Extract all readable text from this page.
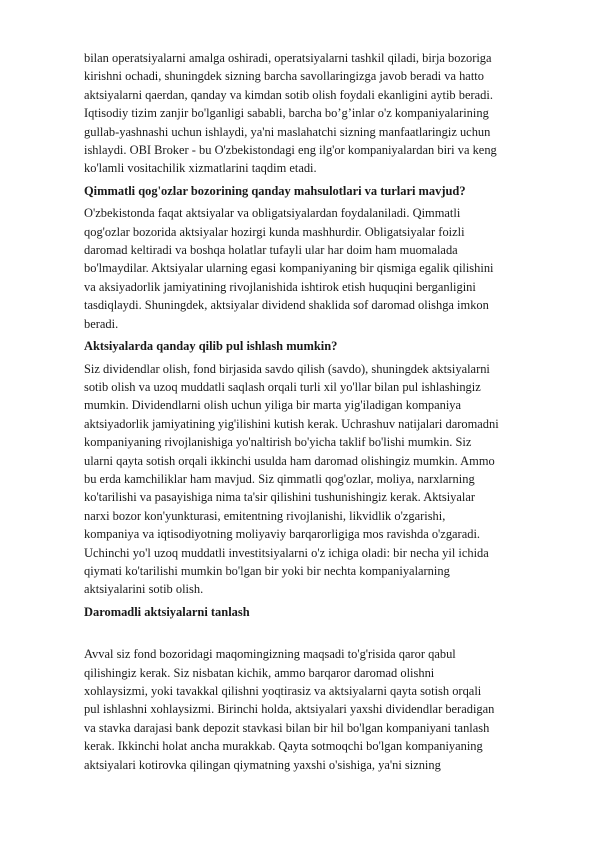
bilan operatsiyalarni amalga oshiradi, operatsiyalarni tashkil qiladi, birja bozoriga
kirishni ochadi, shuningdek sizning barcha savollaringizga javob beradi va hatto
aktsiyalarni qaerdan, qanday va kimdan sotib olish foydali ekanligini aytib beradi.
Iqtisodiy tizim zanjir bo'lganligi sababli, barcha bo’g’inlar o'z kompaniyalarining
gullab-yashnashi uchun ishlaydi, ya'ni maslahatchi sizning manfaatlaringiz uchun
ishlaydi. OBI Broker - bu O'zbekistondagi eng ilg'or kompaniyalardan biri va keng
ko'lamli vositachilik xizmatlarini taqdim etadi.

Qimmatli qog'ozlar bozorining qanday mahsulotlari va turlari mavjud?

O'zbekistonda faqat aktsiyalar va obligatsiyalardan foydalaniladi. Qimmatli
qog'ozlar bozorida aktsiyalar hozirgi kunda mashhurdir. Obligatsiyalar foizli
daromad keltiradi va boshqa holatlar tufayli ular har doim ham muomalada
bo'lmaydilar. Aktsiyalar ularning egasi kompaniyaning bir qismiga egalik qilishini
va aksiyadorlik jamiyatining rivojlanishida ishtirok etish huquqini berganligini
tasdiqlaydi. Shuningdek, aktsiyalar dividend shaklida sof daromad olishga imkon
beradi.

Aktsiyalarda qanday qilib pul ishlash mumkin?

Siz dividendlar olish, fond birjasida savdo qilish (savdo), shuningdek aktsiyalarni
sotib olish va uzoq muddatli saqlash orqali turli xil yo'llar bilan pul ishlashingiz
mumkin. Dividendlarni olish uchun yiliga bir marta yig'iladigan kompaniya
aktsiyadorlik jamiyatining yig'ilishini kutish kerak. Uchrashuv natijalari daromadni
kompaniyaning rivojlanishiga yo'naltirish bo'yicha taklif bo'lishi mumkin. Siz
ularni qayta sotish orqali ikkinchi usulda ham daromad olishingiz mumkin. Ammo
bu erda kamchiliklar ham mavjud. Siz qimmatli qog'ozlar, moliya, narxlarning
ko'tarilishi va pasayishiga nima ta'sir qilishini tushunishingiz kerak. Aktsiyalar
narxi bozor kon'yunkturasi, emitentning rivojlanishi, likvidlik o'zgarishi,
kompaniya va iqtisodiyotning moliyaviy barqarorligiga mos ravishda o'zgaradi.
Uchinchi yo'l uzoq muddatli investitsiyalarni o'z ichiga oladi: bir necha yil ichida
qiymati ko'tarilishi mumkin bo'lgan bir yoki bir nechta kompaniyalarning
aktsiyalarini sotib olish.

Daromadli aktsiyalarni tanlash

Avval siz fond bozoridagi maqomingizning maqsadi to'g'risida qaror qabul
qilishingiz kerak. Siz nisbatan kichik, ammo barqaror daromad olishni
xohlaysizmi, yoki tavakkal qilishni yoqtirasiz va aktsiyalarni qayta sotish orqali
pul ishlashni xohlaysizmi. Birinchi holda, aktsiyalari yaxshi dividendlar beradigan
va stavka darajasi bank depozit stavkasi bilan bir hil bo'lgan kompaniyani tanlash
kerak. Ikkinchi holat ancha murakkab. Qayta sotmoqchi bo'lgan kompaniyaning
aktsiyalari kotirovka qilingan qiymatning yaxshi o'sishiga, ya'ni sizning
